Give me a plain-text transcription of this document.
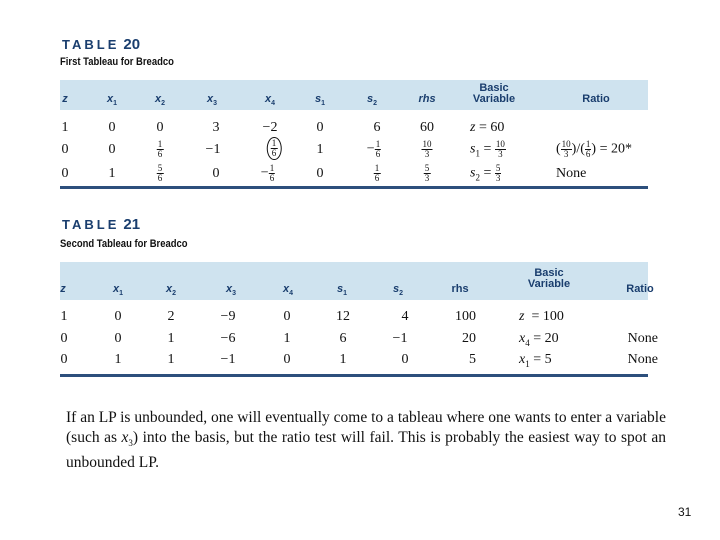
TABLE 20
First Tableau for Breadco
z	$x_1$	$x_2$	$x_3$	$x_4$	$s_1$	$s_2$	rhs
Basic
Variable	Ratio
1	0	0	3	−2	0	6	60	z = 60
0	0	$\frac{1}{6}$	−1	$\frac{1}{6}$	1	− $\frac{1}{6}$	$\frac{10}{3}$	$s_1 = \frac{10}{3}$	( $\frac{10}{3}$ )/( $\frac{1}{6}$ ) = 20*
0	1	$\frac{5}{6}$	0	− $\frac{1}{6}$	0	$\frac{1}{6}$	$\frac{5}{3}$	$s_2 = \frac{5}{3}$	None
TABLE 21
Second Tableau for Breadco
z	$x_1$	$x_2$	$x_3$	$x_4$	$s_1$	$s_2$	rhs
Basic
Variable	Ratio
1	0	2	−9	0	12	4	100	z = 100
0	0	1	−6	1	6	−1	20	$x_4 = 20$	None
0	1	1	−1	0	1	0	5	$x_1 = 5$	None
If an LP is unbounded, one will eventually come to a tableau where one wants to enter a variable (such as $x_3$) into the basis, but the ratio test will fail. This is probably the easiest way to spot an unbounded LP.
31
